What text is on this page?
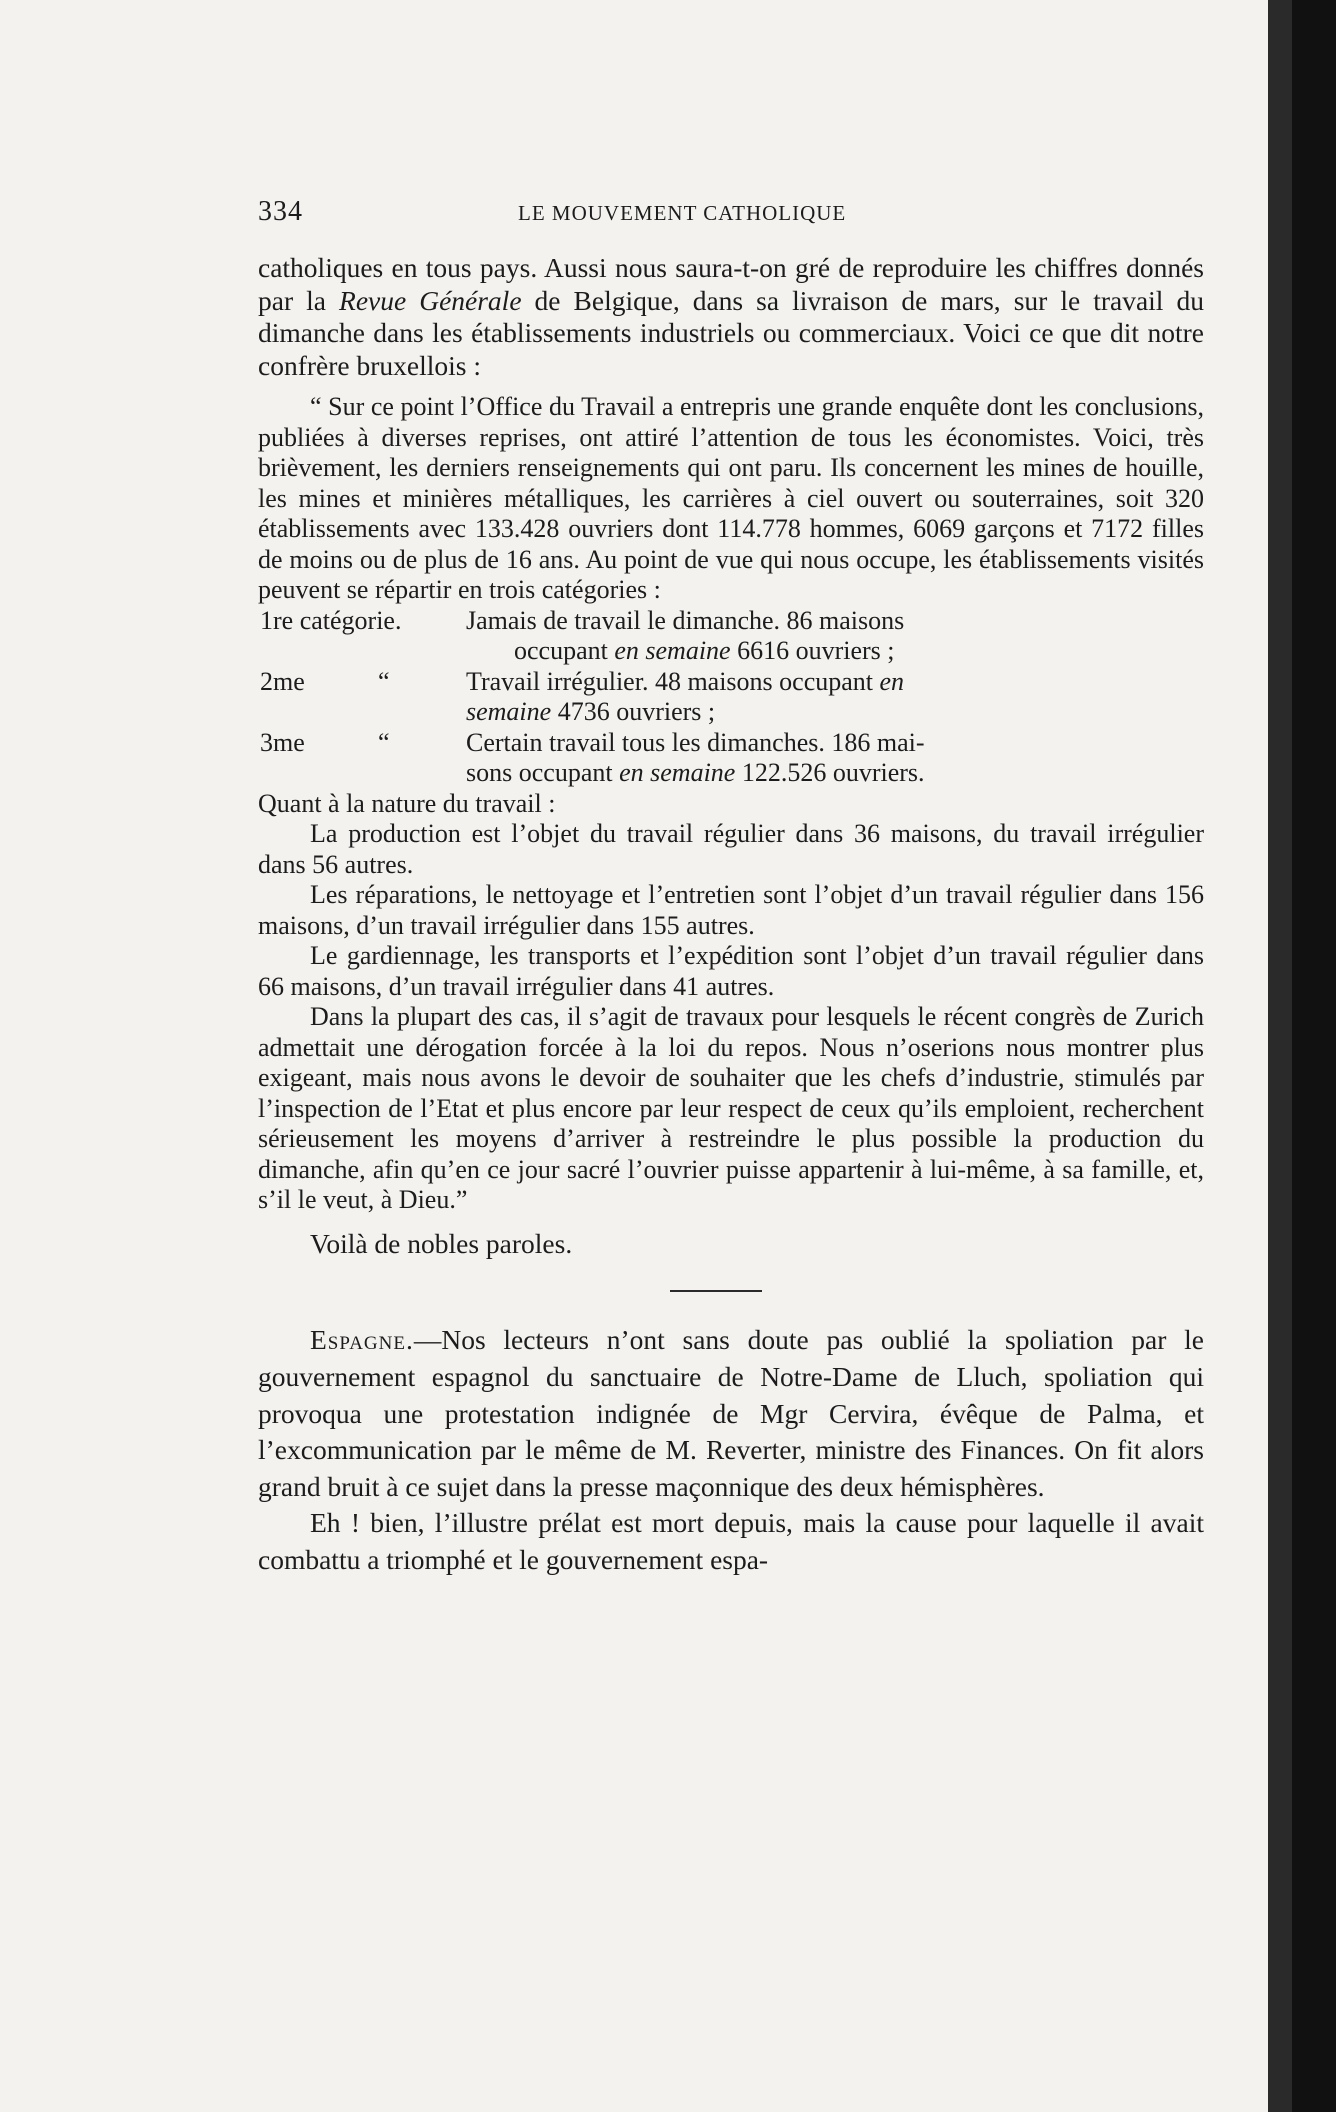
334	LE MOUVEMENT CATHOLIQUE

catholiques en tous pays. Aussi nous saura-t-on gré de reproduire les chiffres donnés par la Revue Générale de Belgique, dans sa livraison de mars, sur le travail du dimanche dans les établissements industriels ou commerciaux. Voici ce que dit notre confrère bruxellois :

“ Sur ce point l’Office du Travail a entrepris une grande enquête dont les conclusions, publiées à diverses reprises, ont attiré l’attention de tous les économistes. Voici, très brièvement, les derniers renseignements qui ont paru. Ils concernent les mines de houille, les mines et minières métalliques, les carrières à ciel ouvert ou souterraines, soit 320 établissements avec 133.428 ouvriers dont 114.778 hommes, 6069 garçons et 7172 filles de moins ou de plus de 16 ans. Au point de vue qui nous occupe, les établissements visités peuvent se répartir en trois catégories :

1re catégorie.	Jamais de travail le dimanche. 86 maisons
occupant en semaine 6616 ouvriers ;
2me	“	Travail irrégulier. 48 maisons occupant en
semaine 4736 ouvriers ;
3me	“	Certain travail tous les dimanches. 186 mai-
sons occupant en semaine 122.526 ouvriers.

Quant à la nature du travail :

La production est l’objet du travail régulier dans 36 maisons, du travail irrégulier dans 56 autres.

Les réparations, le nettoyage et l’entretien sont l’objet d’un travail régulier dans 156 maisons, d’un travail irrégulier dans 155 autres.

Le gardiennage, les transports et l’expédition sont l’objet d’un travail régulier dans 66 maisons, d’un travail irrégulier dans 41 autres.

Dans la plupart des cas, il s’agit de travaux pour lesquels le récent congrès de Zurich admettait une dérogation forcée à la loi du repos. Nous n’oserions nous montrer plus exigeant, mais nous avons le devoir de souhaiter que les chefs d’industrie, stimulés par l’inspection de l’Etat et plus encore par leur respect de ceux qu’ils emploient, recherchent sérieusement les moyens d’arriver à restreindre le plus possible la production du dimanche, afin qu’en ce jour sacré l’ouvrier puisse appartenir à lui-même, à sa famille, et, s’il le veut, à Dieu.”

Voilà de nobles paroles.

Espagne.—Nos lecteurs n’ont sans doute pas oublié la spoliation par le gouvernement espagnol du sanctuaire de Notre-Dame de Lluch, spoliation qui provoqua une protestation indignée de Mgr Cervira, évêque de Palma, et l’excommunication par le même de M. Reverter, ministre des Finances. On fit alors grand bruit à ce sujet dans la presse maçonnique des deux hémisphères.

Eh ! bien, l’illustre prélat est mort depuis, mais la cause pour laquelle il avait combattu a triomphé et le gouvernement espa-
